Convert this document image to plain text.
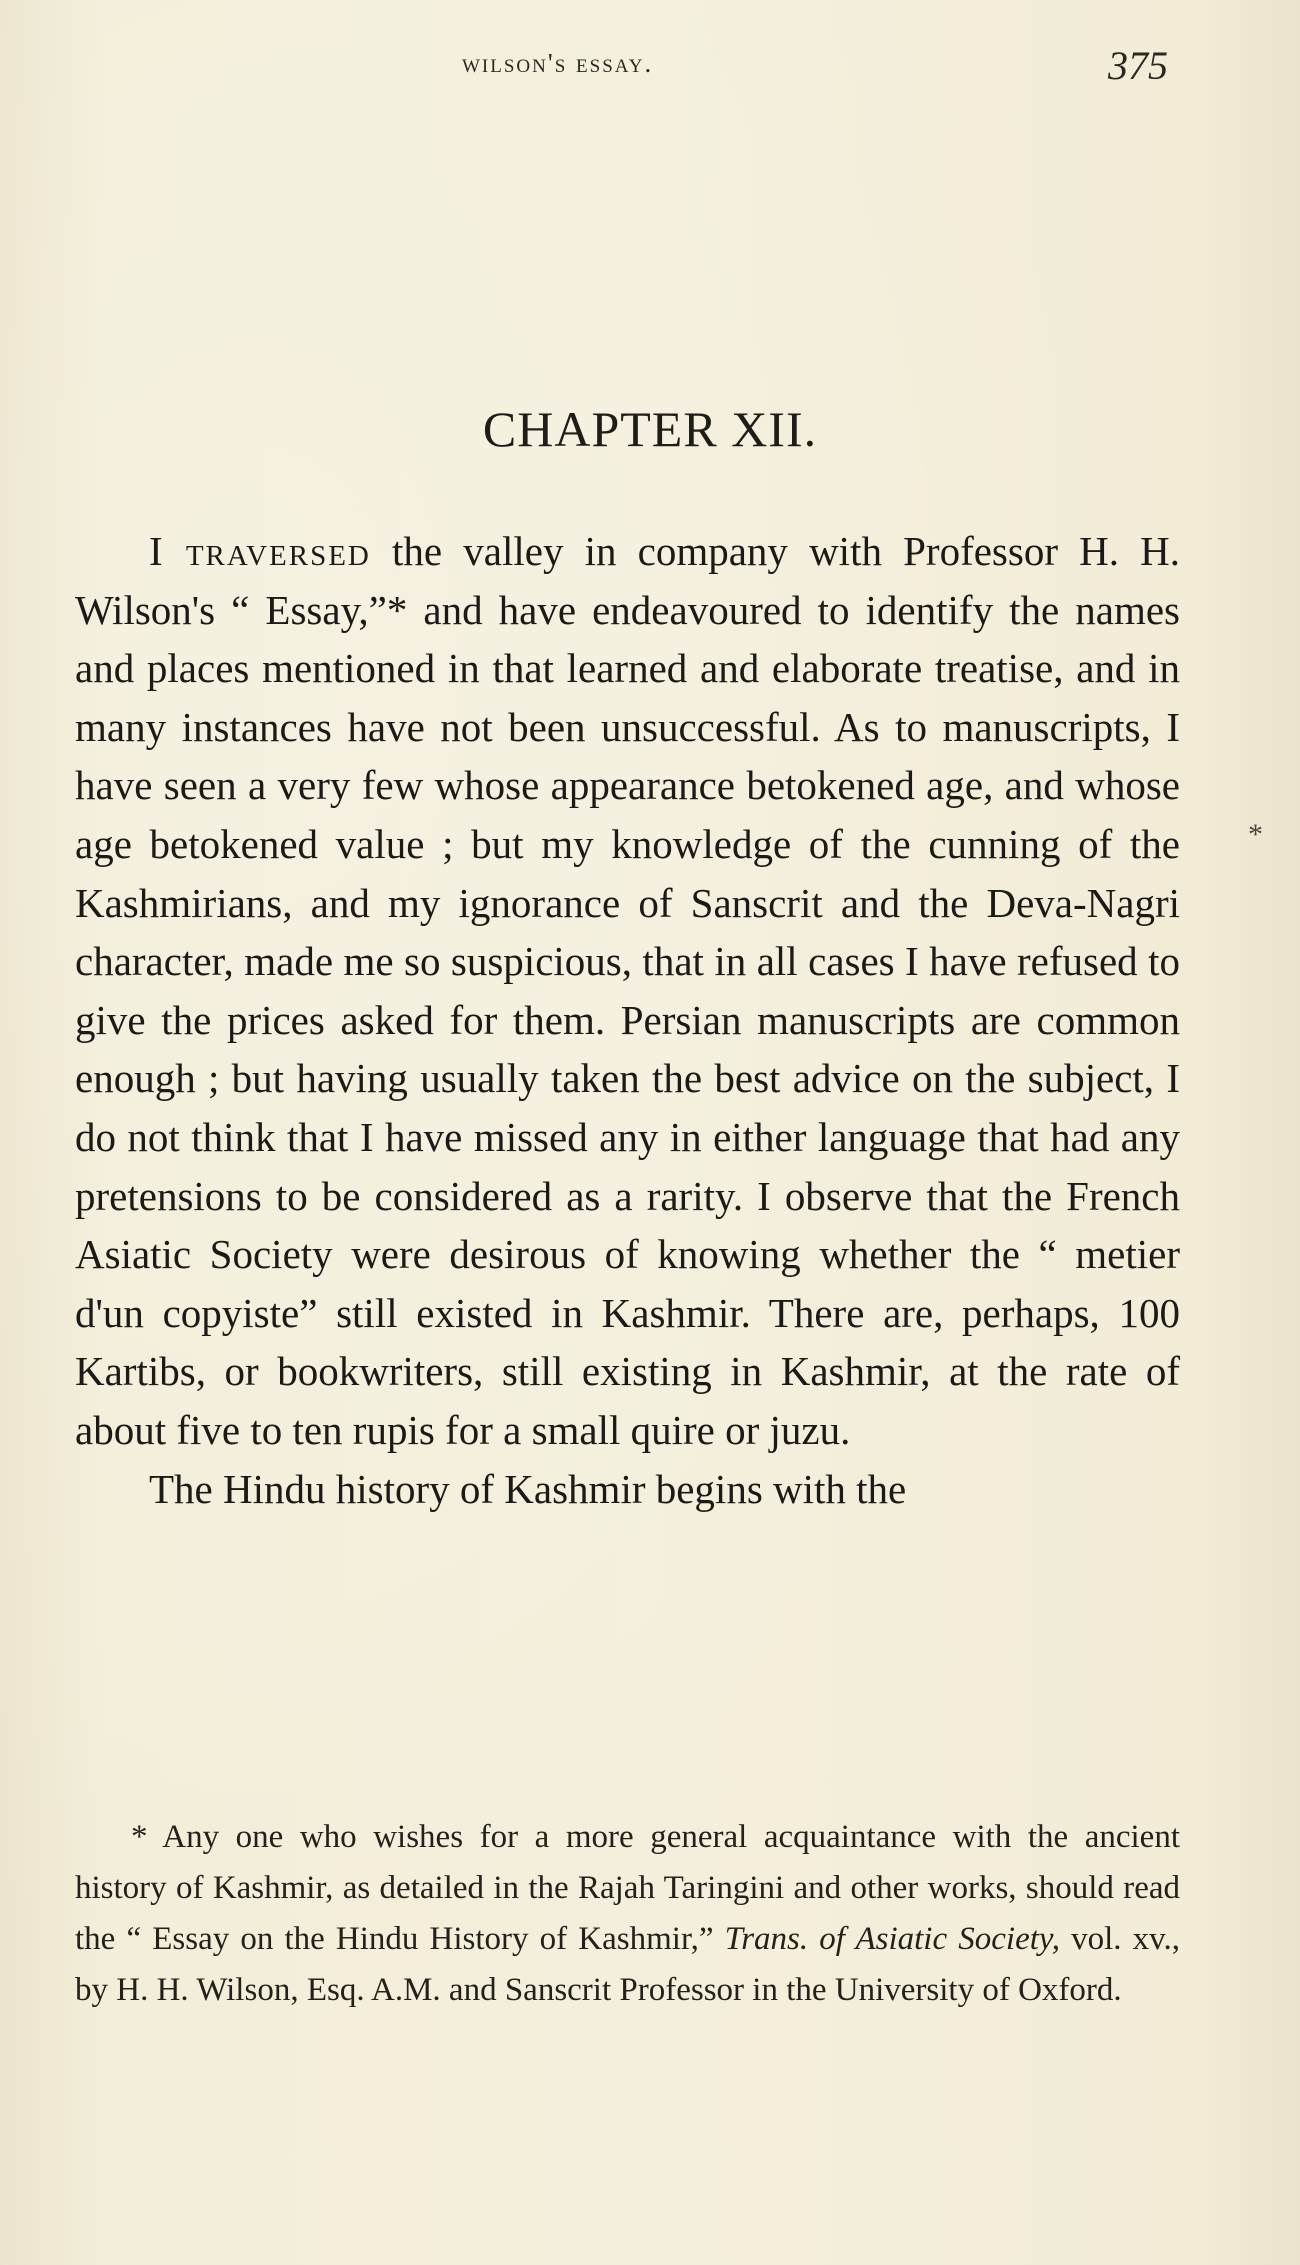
wilson's essay.	375
CHAPTER XII.

I traversed the valley in company with Professor H. H. Wilson's “ Essay,”* and have endeavoured to identify the names and places mentioned in that learned and elaborate treatise, and in many instances have not been unsuccessful. As to manuscripts, I have seen a very few whose appearance betokened age, and whose age betokened value ; but my knowledge of the cunning of the Kashmirians, and my ignorance of Sanscrit and the Deva-Nagri character, made me so suspicious, that in all cases I have refused to give the prices asked for them. Persian manuscripts are common enough ; but having usually taken the best advice on the subject, I do not think that I have missed any in either language that had any pretensions to be considered as a rarity. I observe that the French Asiatic Society were desirous of knowing whether the “ metier d'un copyiste” still existed in Kashmir. There are, perhaps, 100 Kartibs, or bookwriters, still existing in Kashmir, at the rate of about five to ten rupis for a small quire or juzu.

The Hindu history of Kashmir begins with the

* Any one who wishes for a more general acquaintance with the ancient history of Kashmir, as detailed in the Rajah Taringini and other works, should read the “ Essay on the Hindu History of Kashmir,” Trans. of Asiatic Society, vol. xv., by H. H. Wilson, Esq. A.M. and Sanscrit Professor in the University of Oxford.

*
